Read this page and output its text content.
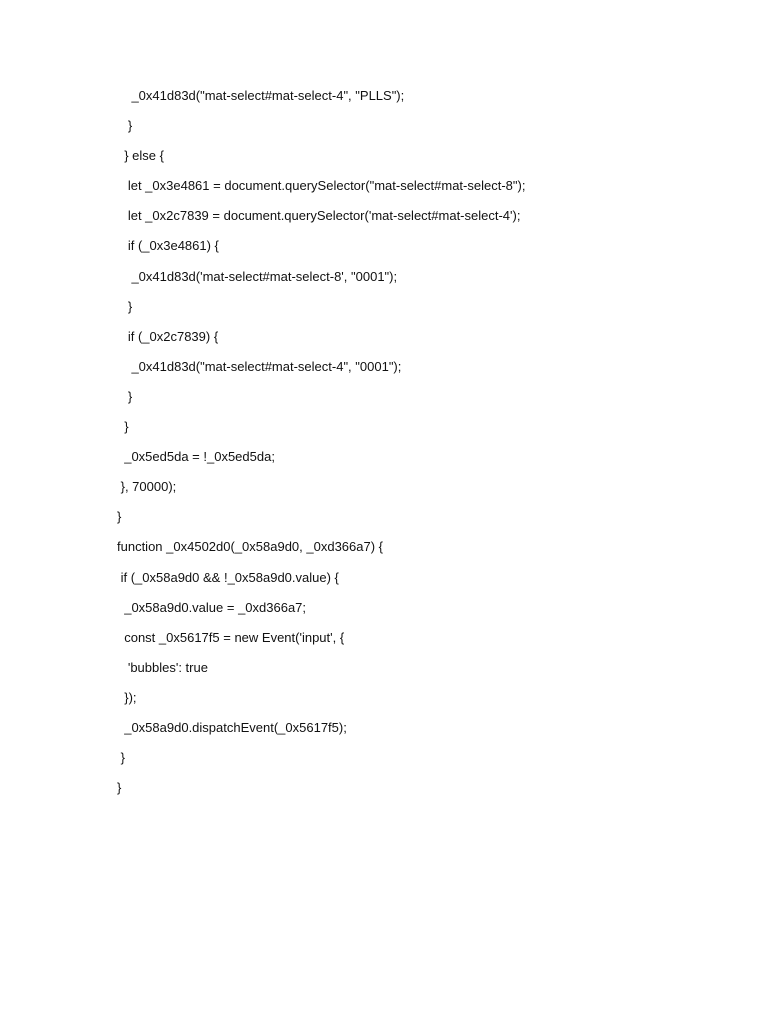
_0x41d83d("mat-select#mat-select-4", "PLLS");
}
} else {
let _0x3e4861 = document.querySelector("mat-select#mat-select-8");
let _0x2c7839 = document.querySelector('mat-select#mat-select-4');
if (_0x3e4861) {
_0x41d83d('mat-select#mat-select-8', "0001");
}
if (_0x2c7839) {
_0x41d83d("mat-select#mat-select-4", "0001");
}
}
_0x5ed5da = !_0x5ed5da;
}, 70000);
}
function _0x4502d0(_0x58a9d0, _0xd366a7) {
if (_0x58a9d0 && !_0x58a9d0.value) {
_0x58a9d0.value = _0xd366a7;
const _0x5617f5 = new Event('input', {
'bubbles': true
});
_0x58a9d0.dispatchEvent(_0x5617f5);
}
}
